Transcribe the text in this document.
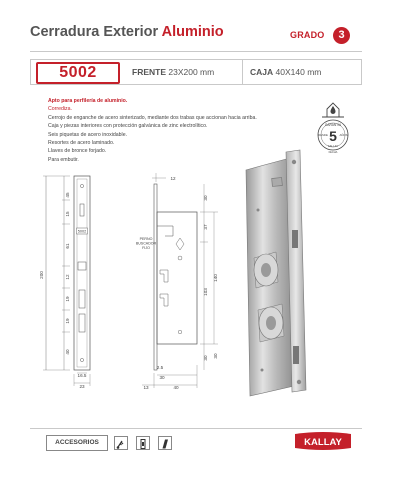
Cerradura Exterior Aluminio	GRADO	3
5002	FRENTE 23X200 mm	CAJA 40X140 mm
Apto para perfilería de aluminio.
Corrediza.
Cerrojo de enganche de acero sinterizado, mediante dos trabas que accionan hacia arriba.
Caja y piezas interiores con protección galvánica de zinc electrolítico.
Seis piquetas de acero inoxidable.
Resortes de acero laminado.
Llaves de bronce forjado.
Para embutir.
GARANTÍA
5
DESDE	AÑOS
KALLAY
FECHA
200
5002
45
15
61
12
19
19
40
16.5
23
12
PERNO
BUSCADOR
FIJO
30
37
103
30
140
30
2.5
30
13	40
ACCESORIOS	KALLAY
